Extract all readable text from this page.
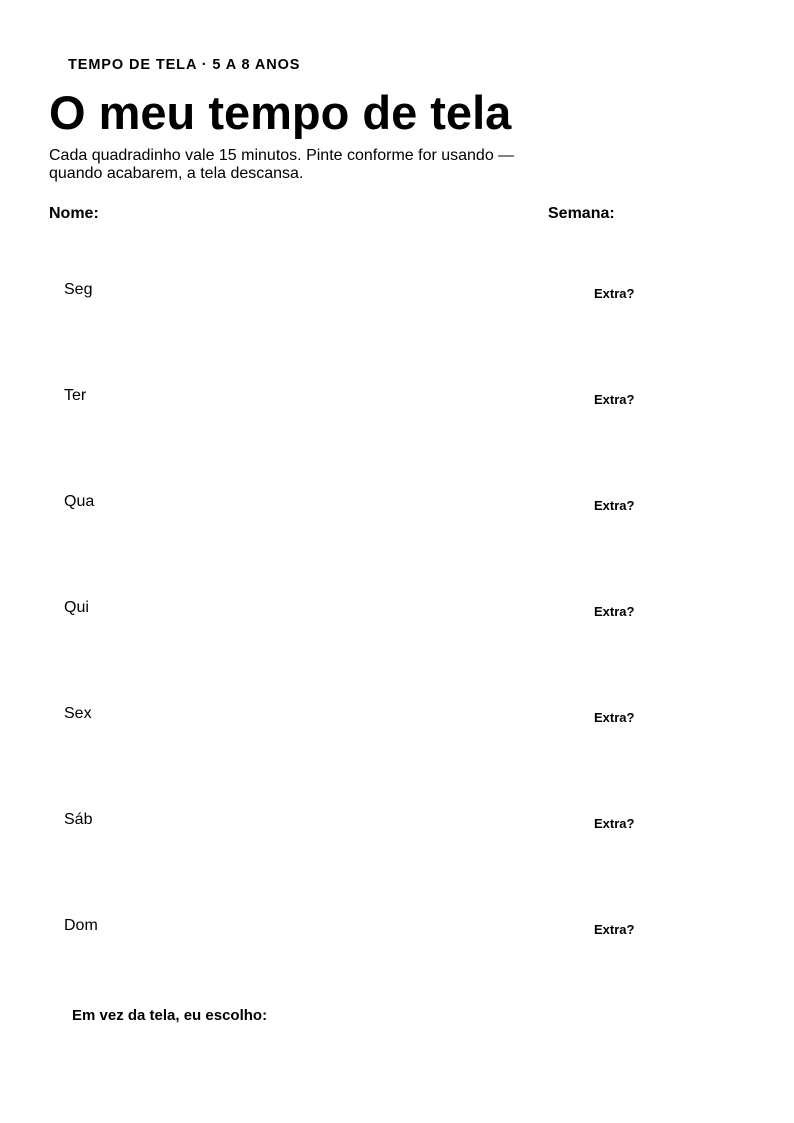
TEMPO DE TELA · 5 A 8 ANOS
O meu tempo de tela

Cada quadradinho vale 15 minutos. Pinte conforme for usando — quando acabarem, a tela descansa.

Nome:	Semana:
Seg	Extra?
Ter	Extra?
Qua	Extra?
Qui	Extra?
Sex	Extra?
Sáb	Extra?
Dom	Extra?
Em vez da tela, eu escolho:
